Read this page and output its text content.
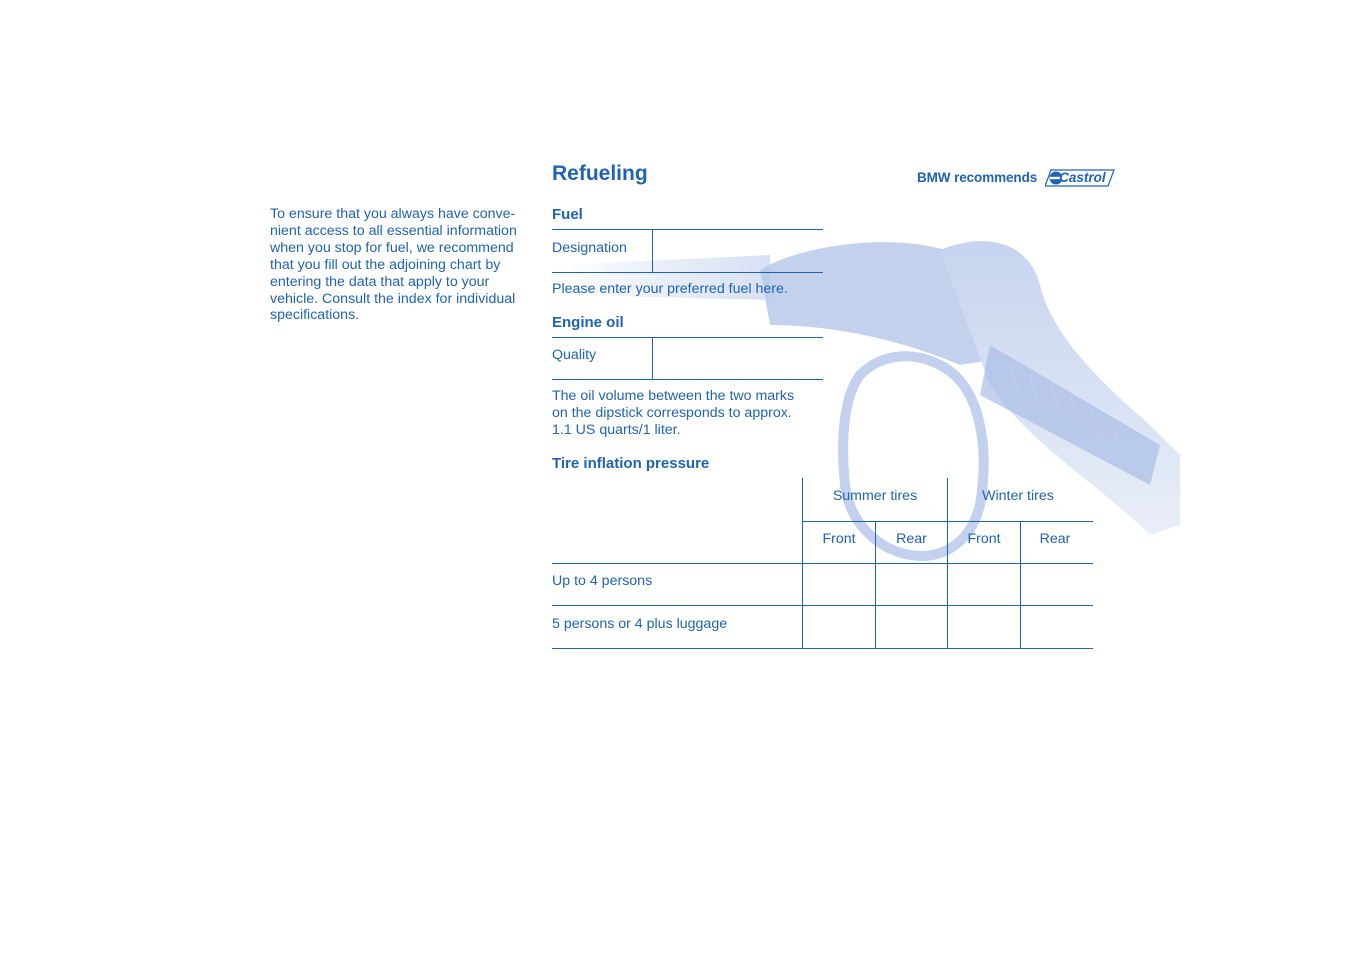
To ensure that you always have conve-
nient access to all essential information
when you stop for fuel, we recommend
that you fill out the adjoining chart by
entering the data that apply to your
vehicle. Consult the index for individual
specifications.
Refueling	BMW recommends Castrol
Fuel
Designation
Please enter your preferred fuel here.
Engine oil
Quality
The oil volume between the two marks
on the dipstick corresponds to approx.
1.1 US quarts/1 liter.
Tire inflation pressure
Summer tires	Winter tires
Front	Rear	Front	Rear
Up to 4 persons
5 persons or 4 plus luggage
